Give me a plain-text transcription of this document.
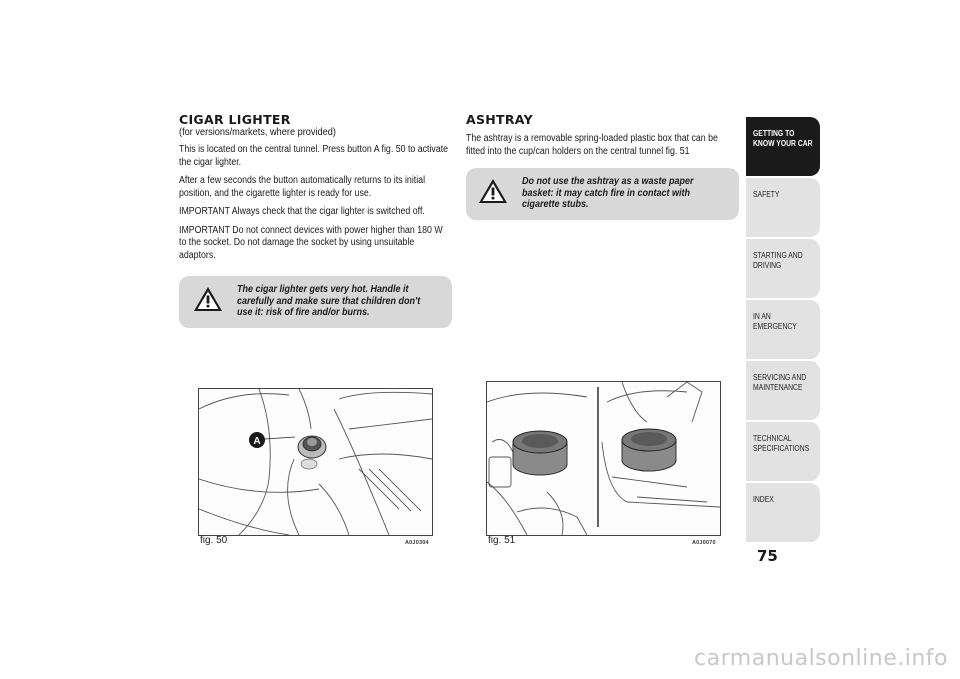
CIGAR LIGHTER

(for versions/markets, where provided)

This is located on the central tunnel. Press button A fig. 50 to activate the cigar lighter.

After a few seconds the button automatically returns to its initial position, and the cigarette lighter is ready for use.

IMPORTANT Always check that the cigar lighter is switched off.

IMPORTANT Do not connect devices with power higher than 180 W to the socket. Do not damage the socket by using unsuitable adaptors.

The cigar lighter gets very hot. Handle it carefully and make sure that children don't use it: risk of fire and/or burns.
ASHTRAY

The ashtray is a removable spring-loaded plastic box that can be fitted into the cup/can holders on the central tunnel fig. 51

Do not use the ashtray as a waste paper basket: it may catch fire in contact with cigarette stubs.
A
fig. 50	A0J0304	fig. 51	A0J0070
GETTING TO KNOW YOUR CAR
SAFETY
STARTING AND DRIVING
IN AN EMERGENCY
SERVICING AND MAINTENANCE
TECHNICAL SPECIFICATIONS
INDEX
75
carmanualsonline.info
